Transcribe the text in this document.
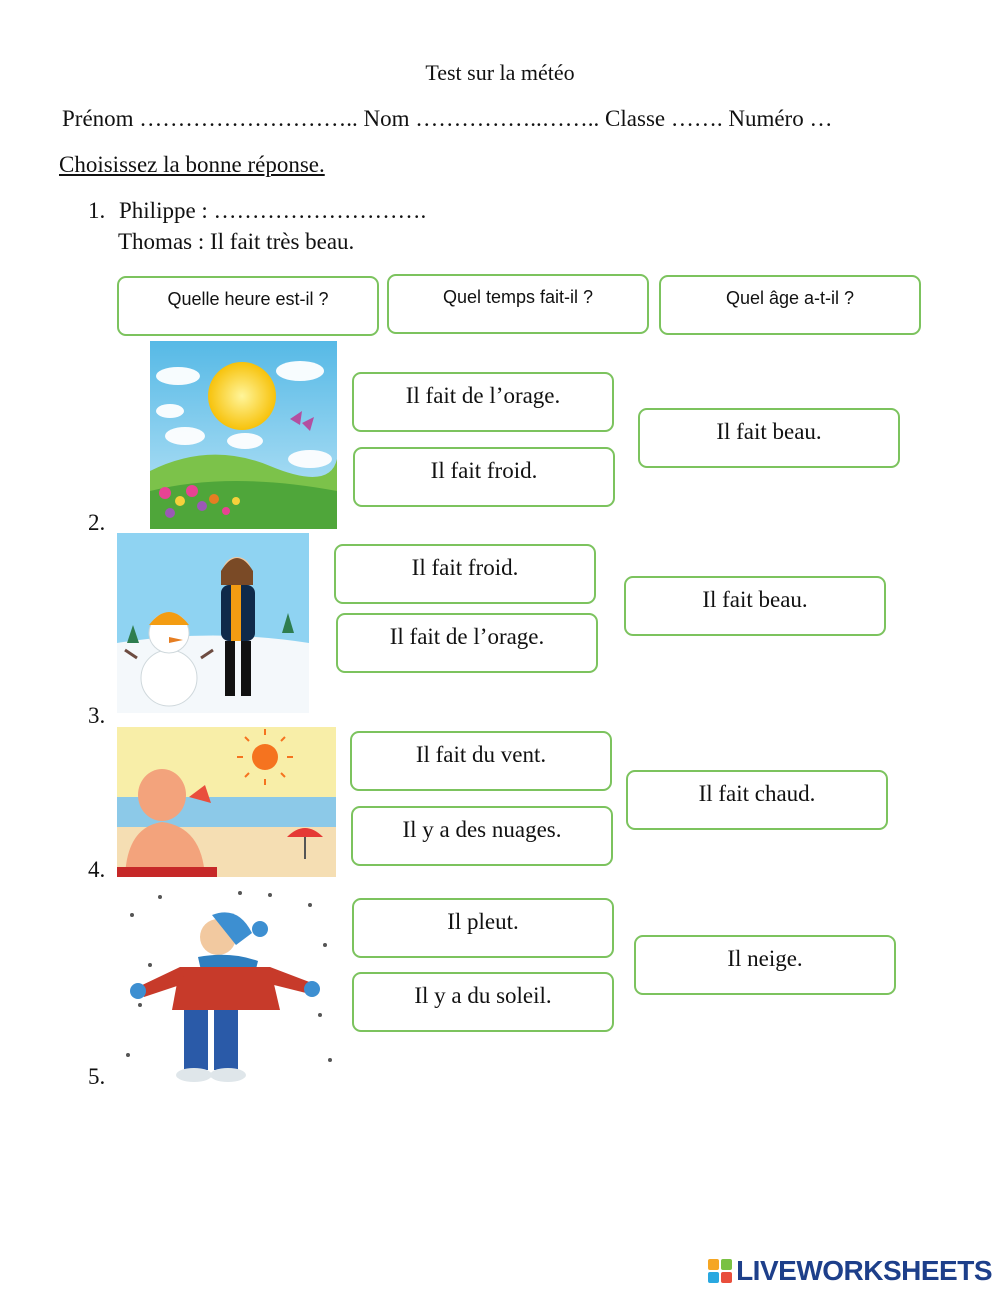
Test sur la météo
Prénom ……………………….. Nom ……………..…….. Classe ……. Numéro …
Choisissez la bonne réponse.
1. Philippe : ……………………….
Thomas : Il fait très beau.
Quelle heure est-il ?	Quel temps fait-il ?	Quel âge a-t-il ?
2.
Il fait de l’orage.
Il fait froid.
Il fait beau.
3.
Il fait froid.
Il fait de l’orage.
Il fait beau.
4.
Il fait du vent.
Il y a des nuages.
Il fait chaud.
5.
Il pleut.
Il y a du soleil.
Il neige.
LIVEWORKSHEETS
